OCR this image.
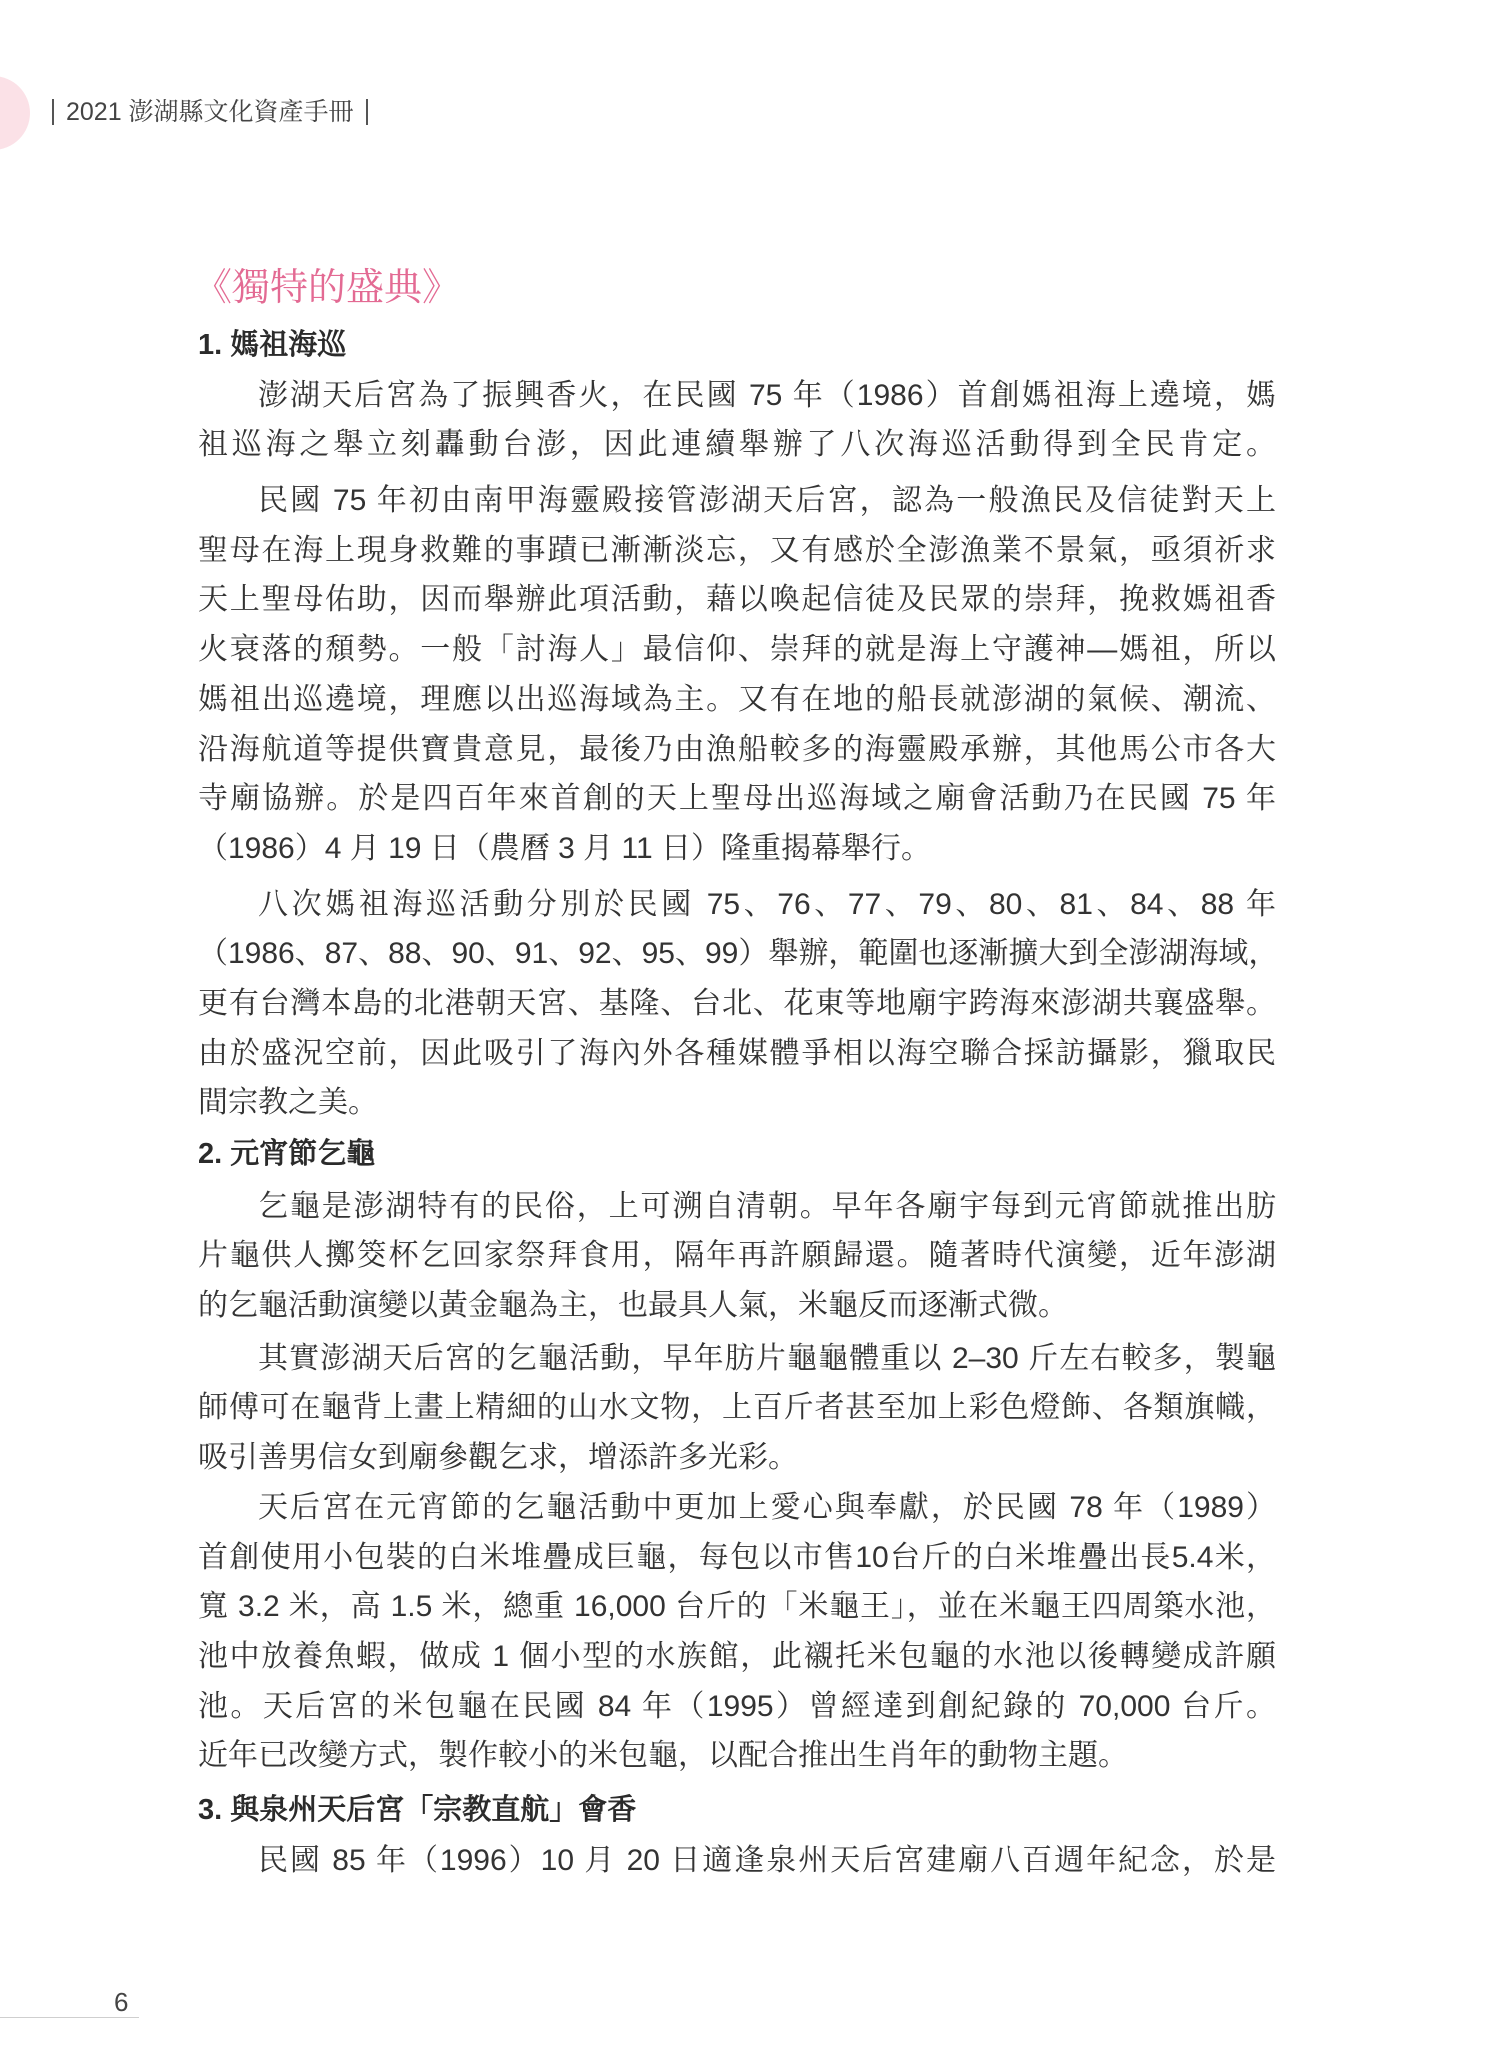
2021 澎湖縣文化資產手冊
《獨特的盛典》
1. 媽祖海巡
澎湖天后宮為了振興香火，在民國 75 年（1986）首創媽祖海上遶境，媽
祖巡海之舉立刻轟動台澎，因此連續舉辦了八次海巡活動得到全民肯定。
民國 75 年初由南甲海靈殿接管澎湖天后宮，認為一般漁民及信徒對天上
聖母在海上現身救難的事蹟已漸漸淡忘，又有感於全澎漁業不景氣，亟須祈求
天上聖母佑助，因而舉辦此項活動，藉以喚起信徒及民眾的崇拜，挽救媽祖香
火衰落的頹勢。一般「討海人」最信仰、崇拜的就是海上守護神—媽祖，所以
媽祖出巡遶境，理應以出巡海域為主。又有在地的船長就澎湖的氣候、潮流、
沿海航道等提供寶貴意見，最後乃由漁船較多的海靈殿承辦，其他馬公市各大
寺廟協辦。於是四百年來首創的天上聖母出巡海域之廟會活動乃在民國 75 年
（1986）4 月 19 日（農曆 3 月 11 日）隆重揭幕舉行。
八次媽祖海巡活動分別於民國 75、76、77、79、80、81、84、88 年
（1986、87、88、90、91、92、95、99）舉辦，範圍也逐漸擴大到全澎湖海域，
更有台灣本島的北港朝天宮、基隆、台北、花東等地廟宇跨海來澎湖共襄盛舉。
由於盛況空前，因此吸引了海內外各種媒體爭相以海空聯合採訪攝影，獵取民
間宗教之美。
2. 元宵節乞龜
乞龜是澎湖特有的民俗，上可溯自清朝。早年各廟宇每到元宵節就推出肪
片龜供人擲筊杯乞回家祭拜食用，隔年再許願歸還。隨著時代演變，近年澎湖
的乞龜活動演變以黃金龜為主，也最具人氣，米龜反而逐漸式微。
其實澎湖天后宮的乞龜活動，早年肪片龜龜體重以 2–30 斤左右較多，製龜
師傅可在龜背上畫上精細的山水文物，上百斤者甚至加上彩色燈飾、各類旗幟，
吸引善男信女到廟參觀乞求，增添許多光彩。
天后宮在元宵節的乞龜活動中更加上愛心與奉獻，於民國 78 年（1989）
首創使用小包裝的白米堆疊成巨龜，每包以市售10台斤的白米堆疊出長5.4米，
寬 3.2 米，高 1.5 米，總重 16,000 台斤的「米龜王」，並在米龜王四周築水池，
池中放養魚蝦，做成 1 個小型的水族館，此襯托米包龜的水池以後轉變成許願
池。天后宮的米包龜在民國 84 年（1995）曾經達到創紀錄的 70,000 台斤。
近年已改變方式，製作較小的米包龜，以配合推出生肖年的動物主題。
3. 與泉州天后宮「宗教直航」會香
民國 85 年（1996）10 月 20 日適逢泉州天后宮建廟八百週年紀念，於是
6
